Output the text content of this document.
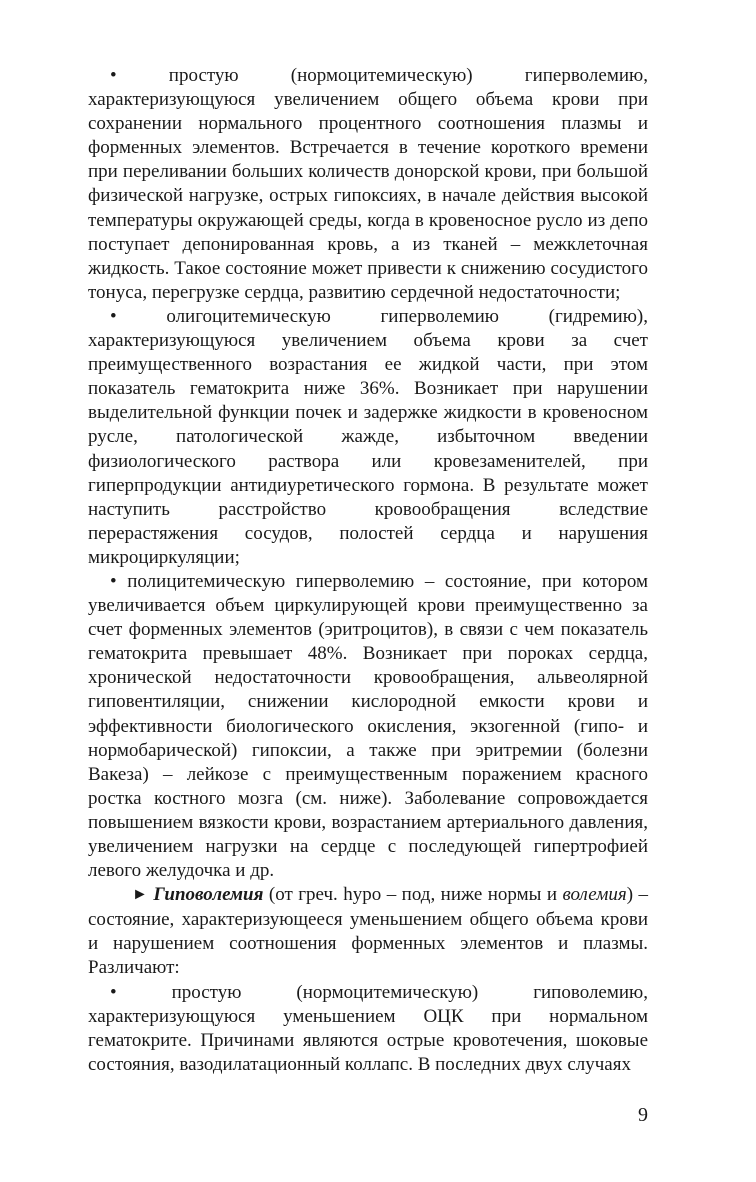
• простую (нормоцитемическую) гиперволемию, характеризующуюся увеличением общего объема крови при сохранении нормального процентного соотношения плазмы и форменных элементов. Встречается в течение короткого времени при переливании больших количеств донорской крови, при большой физической нагрузке, острых гипоксиях, в начале действия высокой температуры окружающей среды, когда в кровеносное русло из депо поступает депонированная кровь, а из тканей – межклеточная жидкость. Такое состояние может привести к снижению сосудистого тонуса, перегрузке сердца, развитию сердечной недостаточности;

• олигоцитемическую гиперволемию (гидремию), характеризующуюся увеличением объема крови за счет преимущественного возрастания ее жидкой части, при этом показатель гематокрита ниже 36%. Возникает при нарушении выделительной функции почек и задержке жидкости в кровеносном русле, патологической жажде, избыточном введении физиологического раствора или кровезаменителей, при гиперпродукции антидиуретического гормона. В результате может наступить расстройство кровообращения вследствие перерастяжения сосудов, полостей сердца и нарушения микроциркуляции;

• полицитемическую гиперволемию – состояние, при котором увеличивается объем циркулирующей крови преимущественно за счет форменных элементов (эритроцитов), в связи с чем показатель гематокрита превышает 48%. Возникает при пороках сердца, хронической недостаточности кровообращения, альвеолярной гиповентиляции, снижении кислородной емкости крови и эффективности биологического окисления, экзогенной (гипо- и нормобарической) гипоксии, а также при эритремии (болезни Вакеза) – лейкозе с преимущественным поражением красного ростка костного мозга (см. ниже). Заболевание сопровождается повышением вязкости крови, возрастанием артериального давления, увеличением нагрузки на сердце с последующей гипертрофией левого желудочка и др.

► Гиповолемия (от греч. hypo – под, ниже нормы и волемия) – состояние, характеризующееся уменьшением общего объема крови и нарушением соотношения форменных элементов и плазмы. Различают:

• простую (нормоцитемическую) гиповолемию, характеризующуюся уменьшением ОЦК при нормальном гематокрите. Причинами являются острые кровотечения, шоковые состояния, вазодилатационный коллапс. В последних двух случаях

9
